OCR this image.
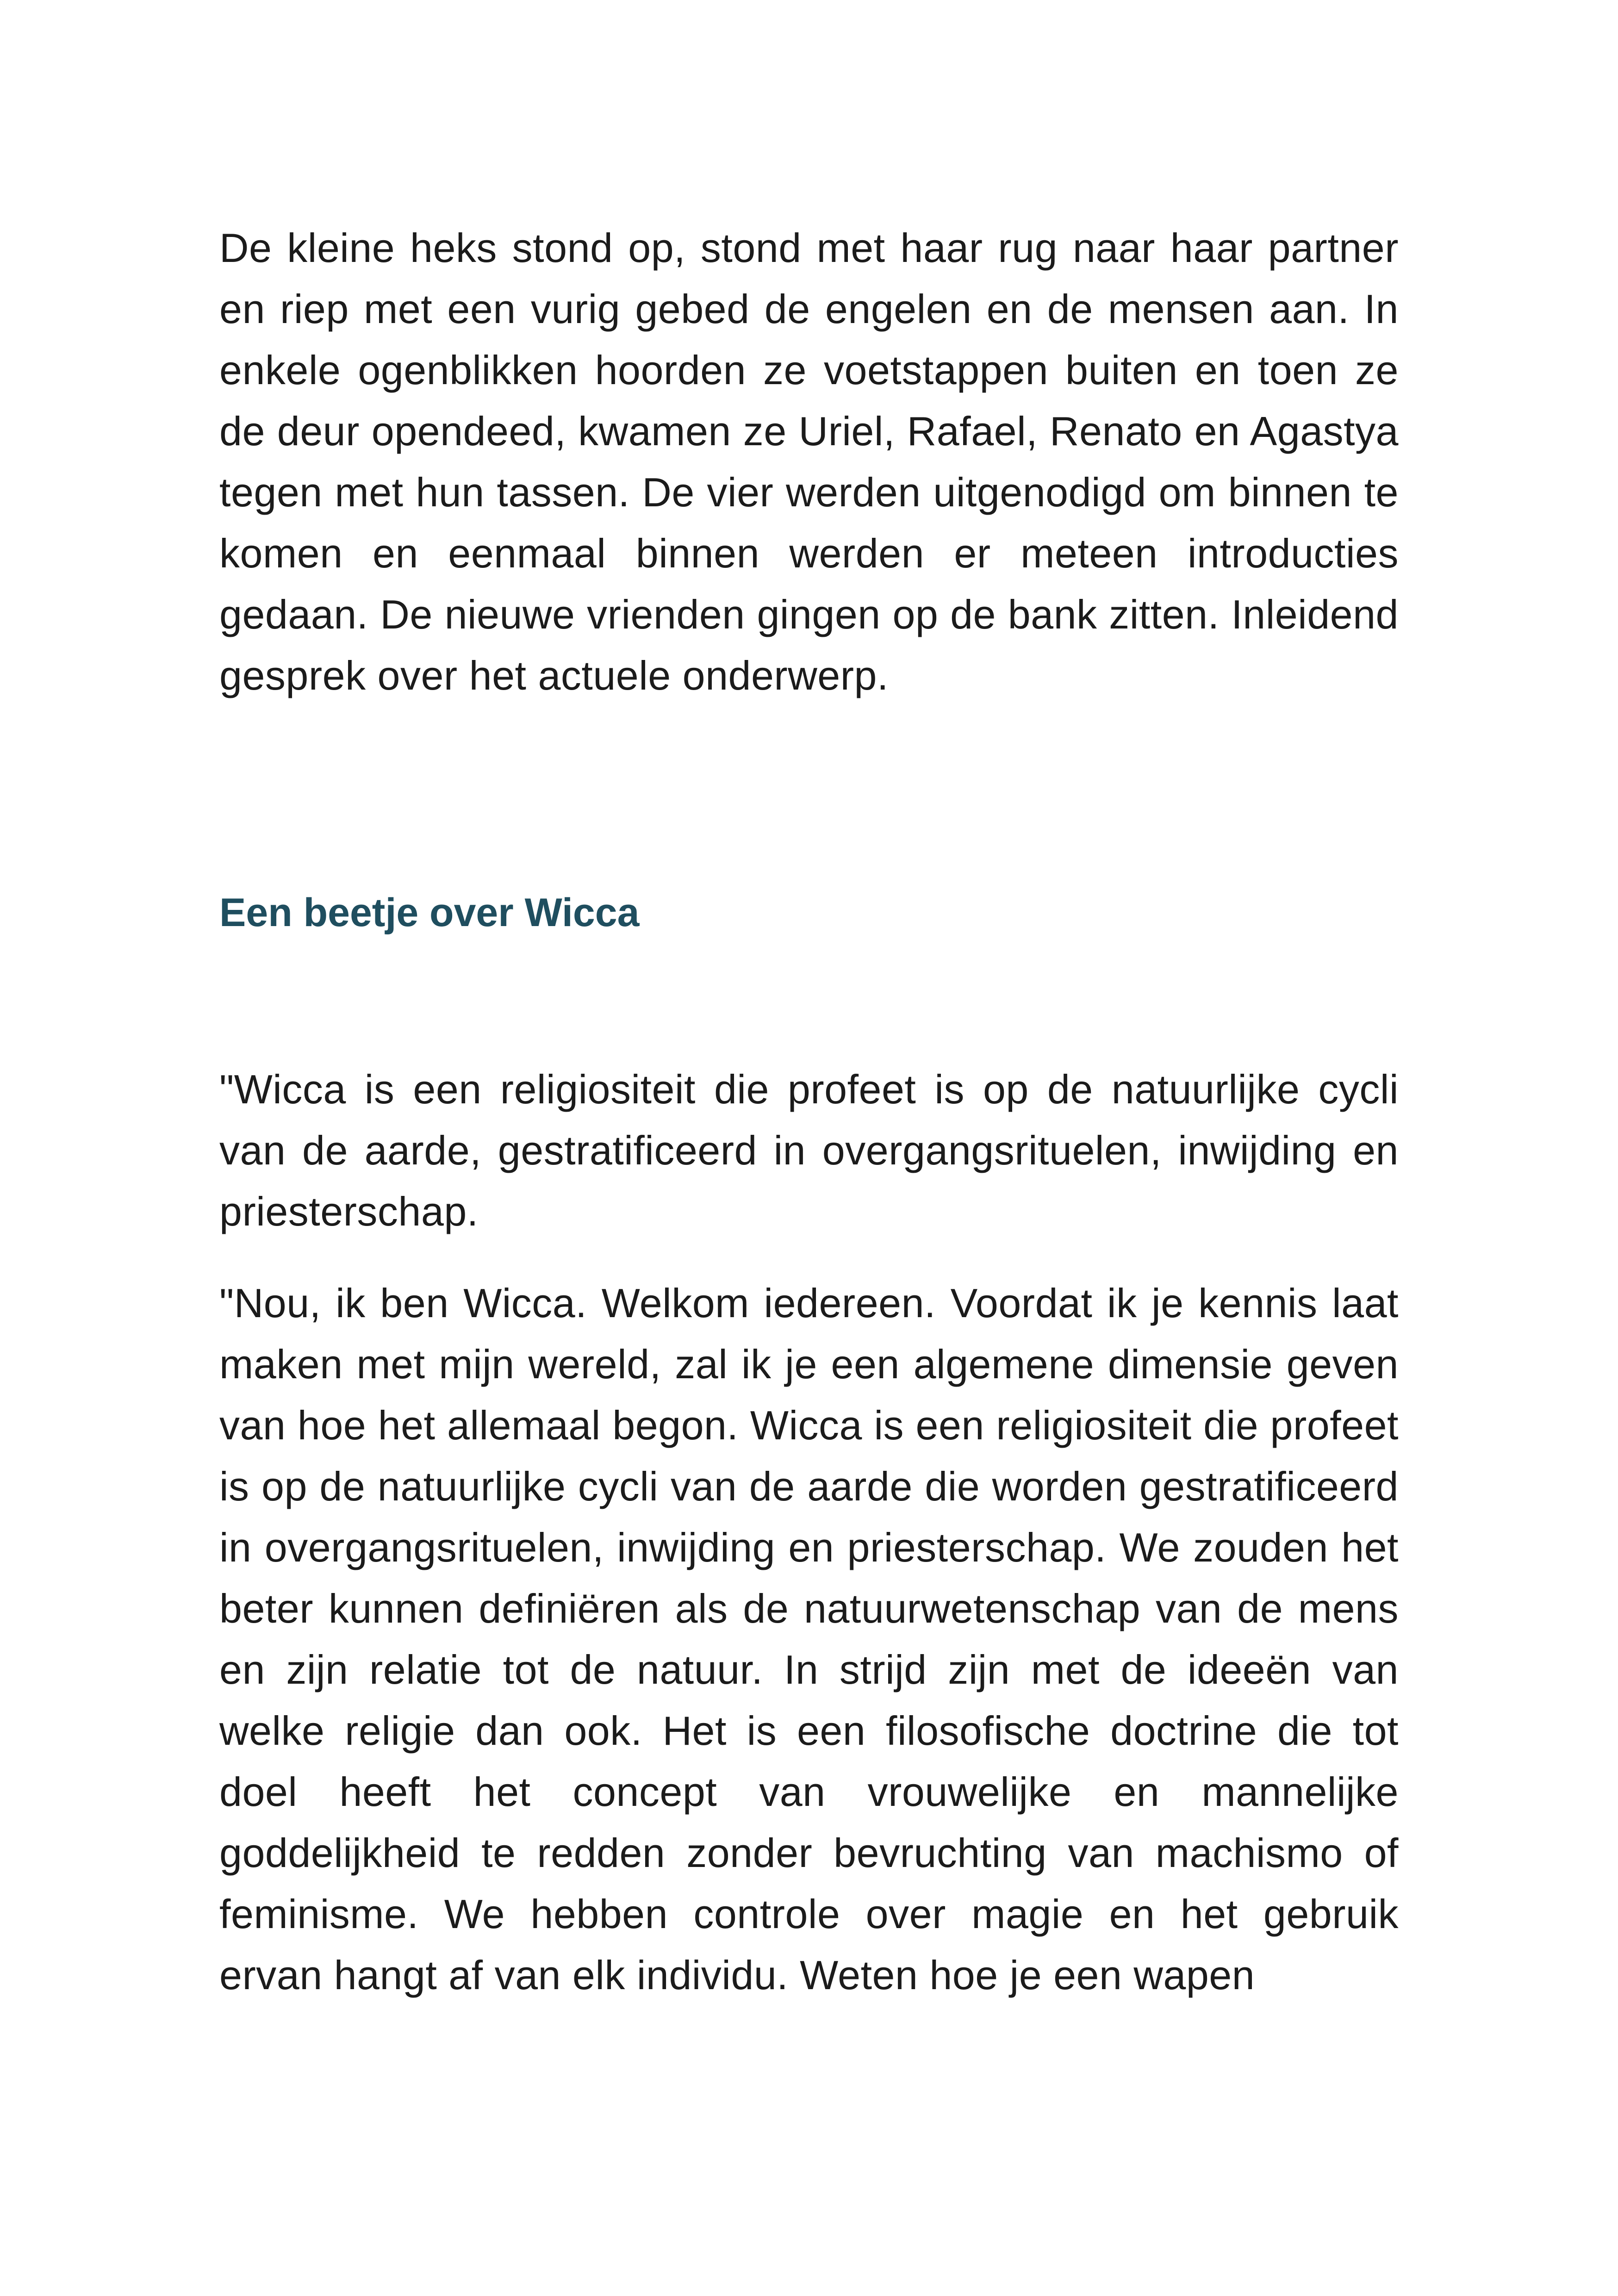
De kleine heks stond op, stond met haar rug naar haar partner en riep met een vurig gebed de engelen en de mensen aan. In enkele ogenblikken hoorden ze voetstappen buiten en toen ze de deur opendeed, kwamen ze Uriel, Rafael, Renato en Agastya tegen met hun tassen. De vier werden uitgenodigd om binnen te komen en eenmaal binnen werden er meteen introducties gedaan. De nieuwe vrienden gingen op de bank zitten. Inleidend gesprek over het actuele onderwerp.

Een beetje over Wicca

"Wicca is een religiositeit die profeet is op de natuurlijke cycli van de aarde, gestratificeerd in overgangsrituelen, inwijding en priesterschap.

"Nou, ik ben Wicca. Welkom iedereen. Voordat ik je kennis laat maken met mijn wereld, zal ik je een algemene dimensie geven van hoe het allemaal begon. Wicca is een religiositeit die profeet is op de natuurlijke cycli van de aarde die worden gestratificeerd in overgangsrituelen, inwijding en priesterschap. We zouden het beter kunnen definiëren als de natuurwetenschap van de mens en zijn relatie tot de natuur. In strijd zijn met de ideeën van welke religie dan ook. Het is een filosofische doctrine die tot doel heeft het concept van vrouwelijke en mannelijke goddelijkheid te redden zonder bevruchting van machismo of feminisme. We hebben controle over magie en het gebruik ervan hangt af van elk individu. Weten hoe je een wapen
